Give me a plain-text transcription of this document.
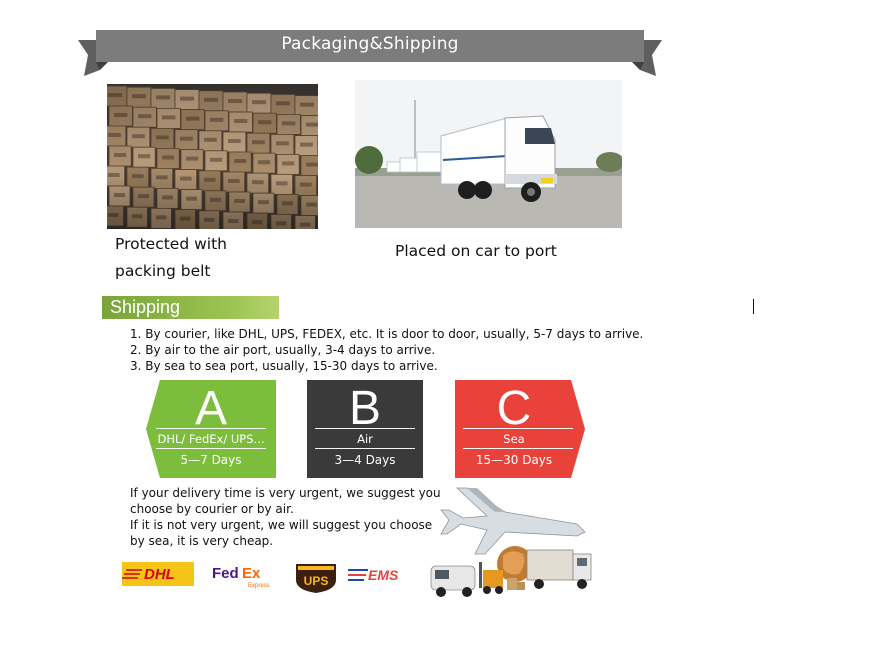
Packaging&Shipping
Protected with
packing belt
Placed on car to port
Shipping
1. By courier, like DHL, UPS, FEDEX, etc. It is door to door, usually, 5-7 days to arrive.
2. By air to the air port, usually, 3-4 days to arrive.
3. By sea to sea port, usually, 15-30 days to arrive.
A
DHL/ FedEx/ UPS...
5—7 Days
B
Air
3—4 Days
C
Sea
15—30 Days
If your delivery time is very urgent, we suggest you
choose by courier or by air.
If it is not very urgent, we will suggest you choose
by sea, it is very cheap.
DHL Fed Ex
Express	UPS	EMS
